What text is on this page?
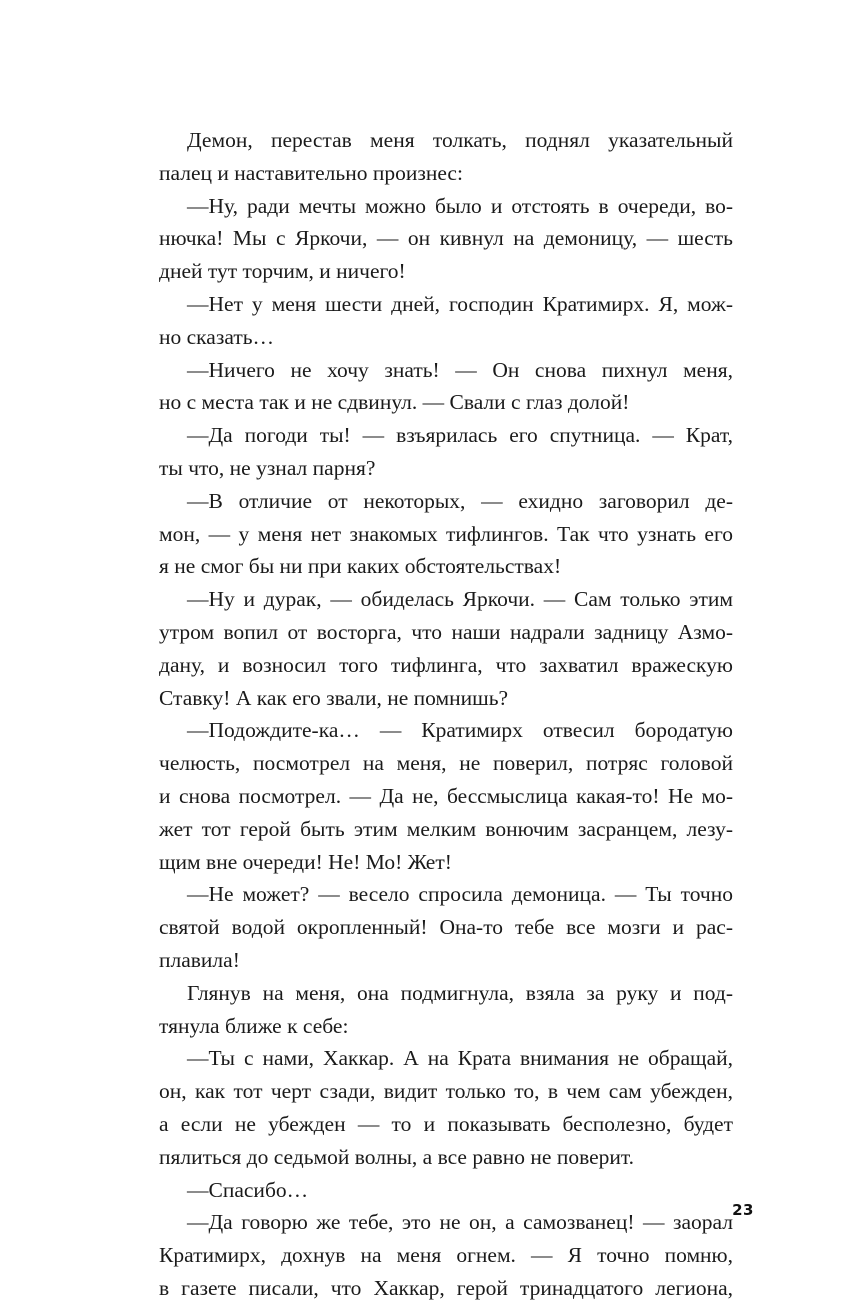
Демон, перестав меня толкать, поднял указательный
палец и наставительно произнес:
—Ну, ради мечты можно было и отстоять в очереди, во-
нючка! Мы с Яркочи, — он кивнул на демоницу, — шесть
дней тут торчим, и ничего!
—Нет у меня шести дней, господин Кратимирх. Я, мож-
но сказать…
—Ничего не хочу знать! — Он снова пихнул меня,
но с места так и не сдвинул. — Свали с глаз долой!
—Да погоди ты! — взъярилась его спутница. — Крат,
ты что, не узнал парня?
—В отличие от некоторых, — ехидно заговорил де-
мон, — у меня нет знакомых тифлингов. Так что узнать его
я не смог бы ни при каких обстоятельствах!
—Ну и дурак, — обиделась Яркочи. — Сам только этим
утром вопил от восторга, что наши надрали задницу Азмо-
дану, и возносил того тифлинга, что захватил вражескую
Ставку! А как его звали, не помнишь?
—Подождите-ка… — Кратимирх отвесил бородатую
челюсть, посмотрел на меня, не поверил, потряс головой
и снова посмотрел. — Да не, бессмыслица какая-то! Не мо-
жет тот герой быть этим мелким вонючим засранцем, лезу-
щим вне очереди! Не! Мо! Жет!
—Не может? — весело спросила демоница. — Ты точно
святой водой окропленный! Она-то тебе все мозги и рас-
плавила!
Глянув на меня, она подмигнула, взяла за руку и под-
тянула ближе к себе:
—Ты с нами, Хаккар. А на Крата внимания не обращай,
он, как тот черт сзади, видит только то, в чем сам убежден,
а если не убежден — то и показывать бесполезно, будет
пялиться до седьмой волны, а все равно не поверит.
—Спасибо…
—Да говорю же тебе, это не он, а самозванец! — заорал
Кратимирх, дохнув на меня огнем. — Я точно помню,
в газете писали, что Хаккар, герой тринадцатого легиона,
23
